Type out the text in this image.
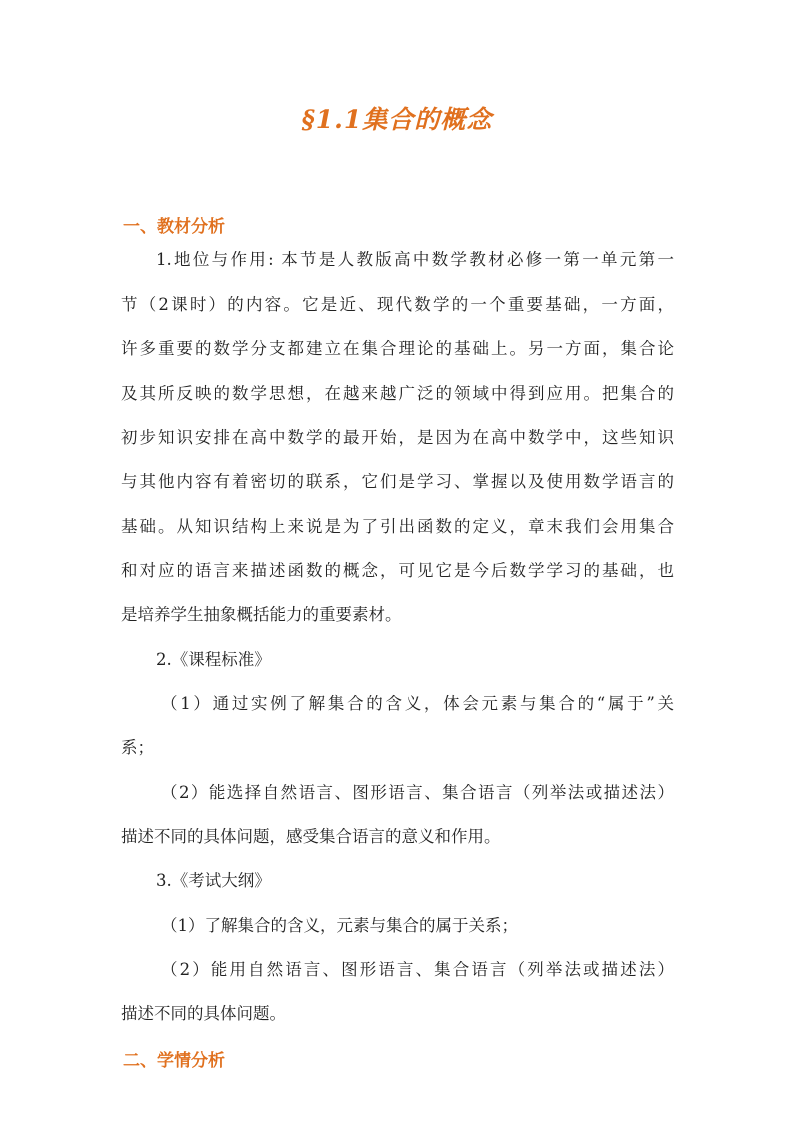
§1.1集合的概念
一、教材分析
1.地位与作用: 本节是人教版高中数学教材必修一第一单元第一
节（2课时）的内容。它是近、现代数学的一个重要基础，一方面，
许多重要的数学分支都建立在集合理论的基础上。另一方面，集合论
及其所反映的数学思想，在越来越广泛的领域中得到应用。把集合的
初步知识安排在高中数学的最开始，是因为在高中数学中，这些知识
与其他内容有着密切的联系，它们是学习、掌握以及使用数学语言的
基础。从知识结构上来说是为了引出函数的定义，章末我们会用集合
和对应的语言来描述函数的概念，可见它是今后数学学习的基础，也
是培养学生抽象概括能力的重要素材。
2.《课程标准》
（1）通过实例了解集合的含义，体会元素与集合的“属于”关
系；
（2）能选择自然语言、图形语言、集合语言（列举法或描述法）
描述不同的具体问题，感受集合语言的意义和作用。
3.《考试大纲》
（1）了解集合的含义，元素与集合的属于关系；
（2）能用自然语言、图形语言、集合语言（列举法或描述法）
描述不同的具体问题。
二、学情分析
